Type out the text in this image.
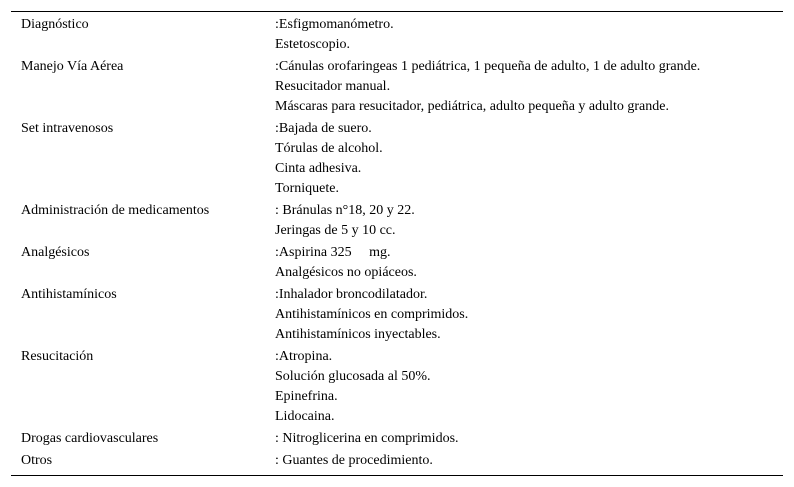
Diagnóstico	:Esfigmomanómetro.
Estetoscopio.
Manejo Vía Aérea	:Cánulas orofaringeas 1 pediátrica, 1 pequeña de adulto, 1 de adulto grande.
Resucitador manual.
Máscaras para resucitador, pediátrica, adulto pequeña y adulto grande.
Set intravenosos	:Bajada de suero.
Tórulas de alcohol.
Cinta adhesiva.
Torniquete.
Administración de medicamentos	: Bránulas n°18, 20 y 22.
Jeringas de 5 y 10 cc.
Analgésicos	:Aspirina 325     mg.
Analgésicos no opiáceos.
Antihistamínicos	:Inhalador broncodilatador.
Antihistamínicos en comprimidos.
Antihistamínicos inyectables.
Resucitación	:Atropina.
Solución glucosada al 50%.
Epinefrina.
Lidocaina.
Drogas cardiovasculares	: Nitroglicerina en comprimidos.
Otros	: Guantes de procedimiento.
